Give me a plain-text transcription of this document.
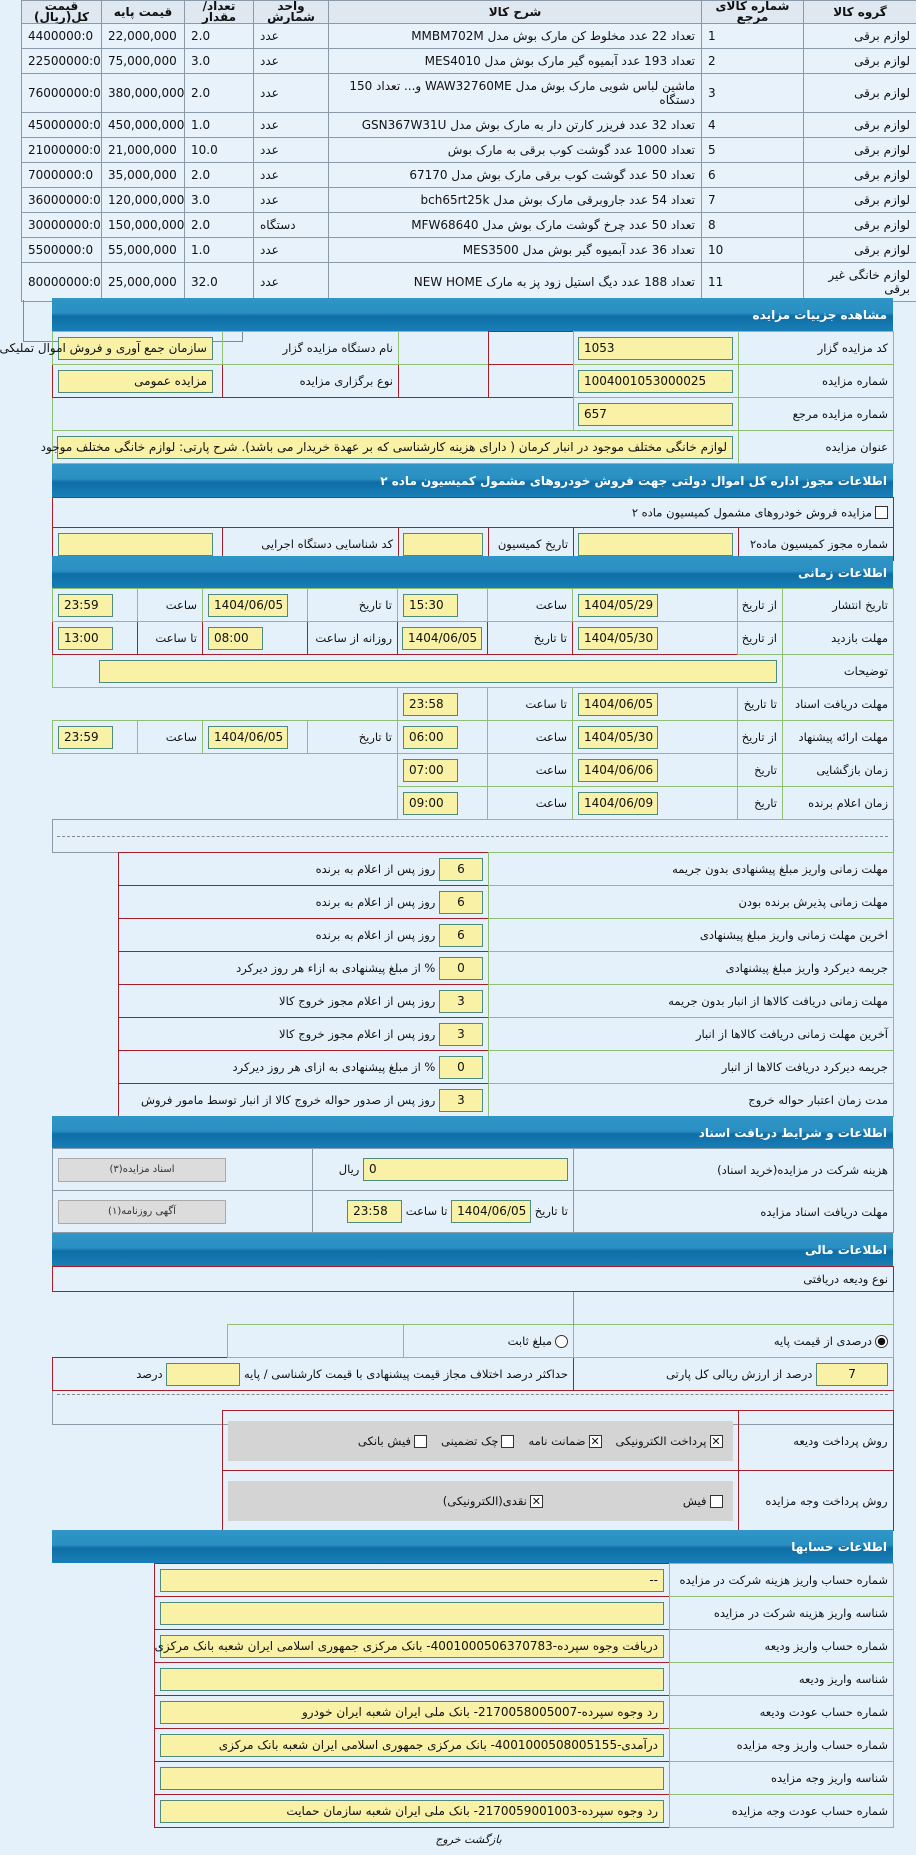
گروه کالا	شماره کالای مرجع	شرح کالا	واحد شمارش	تعداد/مقدار	قیمت پایه	قیمت کل(ریال)
لوازم برقی	1	تعداد 22 عدد مخلوط کن مارک بوش مدل MMBM702M	عدد	2.0	22,000,000	4400000:0
لوازم برقی	2	تعداد 193 عدد آبمیوه گیر مارک بوش مدل MES4010	عدد	3.0	75,000,000	22500000:0
لوازم برقی	3	ماشین لباس شویی مارک بوش مدل WAW32760ME و... تعداد 150 دستگاه	عدد	2.0	380,000,000	76000000:0
لوازم برقی	4	تعداد 32 عدد فریزر کارتن دار به مارک بوش مدل GSN367W31U	عدد	1.0	450,000,000	45000000:0
لوازم برقی	5	تعداد 1000 عدد گوشت کوب برقی به مارک بوش	عدد	10.0	21,000,000	21000000:0
لوازم برقی	6	تعداد 50 عدد گوشت کوب برقی مارک بوش مدل 67170	عدد	2.0	35,000,000	7000000:0
لوازم برقی	7	تعداد 54 عدد جاروبرقی مارک بوش مدل bch65rt25k	عدد	3.0	120,000,000	36000000:0
لوازم برقی	8	تعداد 50 عدد چرخ گوشت مارک بوش مدل MFW68640	دستگاه	2.0	150,000,000	30000000:0
لوازم برقی	10	تعداد 36 عدد آبمیوه گیر بوش مدل MES3500	عدد	1.0	55,000,000	5500000:0
لوازم خانگی غیر برقی	11	تعداد 188 عدد دیگ استیل زود پز به مارک NEW HOME	عدد	32.0	25,000,000	80000000:0
مشاهده جزییات مزایده
کد مزایده گزار	1053			نام دستگاه مزایده گزار	سازمان جمع آوری و فروش اموال تملیکی
شماره مزایده	1004001053000025			نوع برگزاری مزایده	مزایده عمومی
شماره مزایده مرجع	657				
عنوان مزایده	لوازم خانگی مختلف موجود در انبار کرمان ( دارای هزینه کارشناسی که بر عهدة خریدار می باشد). شرح پارتی: لوازم خانگی مختلف موجود				
اطلاعات مجوز اداره کل اموال دولتی جهت فروش خودروهای مشمول کمیسیون ماده ۲
مزایده فروش خودروهای مشمول کمیسیون ماده ۲
شماره مجوز کمیسیون ماده۲		تاریخ کمیسیون		کد شناسایی دستگاه اجرایی	
اطلاعات زمانی
تاریخ انتشار	از تاریخ	1404/05/29	ساعت	15:30	تا تاریخ	1404/06/05	ساعت	23:59
مهلت بازدید	از تاریخ	1404/05/30	تا تاریخ	1404/06/05	روزانه از ساعت	08:00	تا ساعت	13:00
توضیحات								
مهلت دریافت اسناد	تا تاریخ	1404/06/05	تا ساعت	23:58				
مهلت ارائه پیشنهاد	از تاریخ	1404/05/30	ساعت	06:00	تا تاریخ	1404/06/05	ساعت	23:59
زمان بازگشایی	تاریخ	1404/06/06	ساعت	07:00				
زمان اعلام برنده	تاریخ	1404/06/09	ساعت	09:00				

مهلت زمانی واریز مبلغ پیشنهادی بدون جریمه	6 روز پس از اعلام به برنده
مهلت زمانی پذیرش برنده بودن	6 روز پس از اعلام به برنده
اخرین مهلت زمانی واریز مبلغ پیشنهادی	6 روز پس از اعلام به برنده
جریمه دیرکرد واریز مبلغ پیشنهادی	0 % از مبلغ پیشنهادی به ازاء هر روز دیرکرد
مهلت زمانی دریافت کالاها از انبار بدون جریمه	3 روز پس از اعلام مجوز خروج کالا
آخرین مهلت زمانی دریافت کالاها از انبار	3 روز پس از اعلام مجوز خروج کالا
جریمه دیرکرد دریافت کالاها از انبار	0 % از مبلغ پیشنهادی به ازای هر روز دیرکرد
مدت زمان اعتبار حواله خروج	3 روز پس از صدور حواله خروج کالا از انبار توسط مامور فروش
اطلاعات و شرایط دریافت اسناد
هزینه شرکت در مزایده(خرید اسناد)	0 ریال	اسناد مزایده(۳)
مهلت دریافت اسناد مزایده	تا تاریخ 1404/06/05 تا ساعت 23:58	آگهی روزنامه(۱)
اطلاعات مالی
نوع ودیعه دریافتی			

درصدی از قیمت پایه	مبلغ ثابت		
7 درصد از ارزش ریالی کل پارتی	حداکثر درصد اختلاف مجاز قیمت پیشنهادی با قیمت کارشناسی / پایه  درصد		

روش پرداخت ودیعه	✕پرداخت الکترونیکی✕ضمانت نامهچک تضمینیفیش بانکی	

روش پرداخت وجه مزایده	فیش✕نقدی(الکترونیکی)	

اطلاعات حسابها
شماره حساب واریز هزینه شرکت در مزایده	--
شناسه واریز هزینه شرکت در مزایده	
شماره حساب واریز ودیعه	دریافت وجوه سپرده-4001000506370783- بانک مرکزی جمهوری اسلامی ایران شعبه بانک مرکزی
شناسه واریز ودیعه	
شماره حساب عودت ودیعه	رد وجوه سپرده-2170058005007- بانک ملی ایران شعبه ایران خودرو
شماره حساب واریز وجه مزایده	درآمدی-4001000508005155- بانک مرکزی جمهوری اسلامی ایران شعبه بانک مرکزی
شناسه واریز وجه مزایده	
شماره حساب عودت وجه مزایده	رد وجوه سپرده-2170059001003- بانک ملی ایران شعبه سازمان حمایت
بازگشت خروج
